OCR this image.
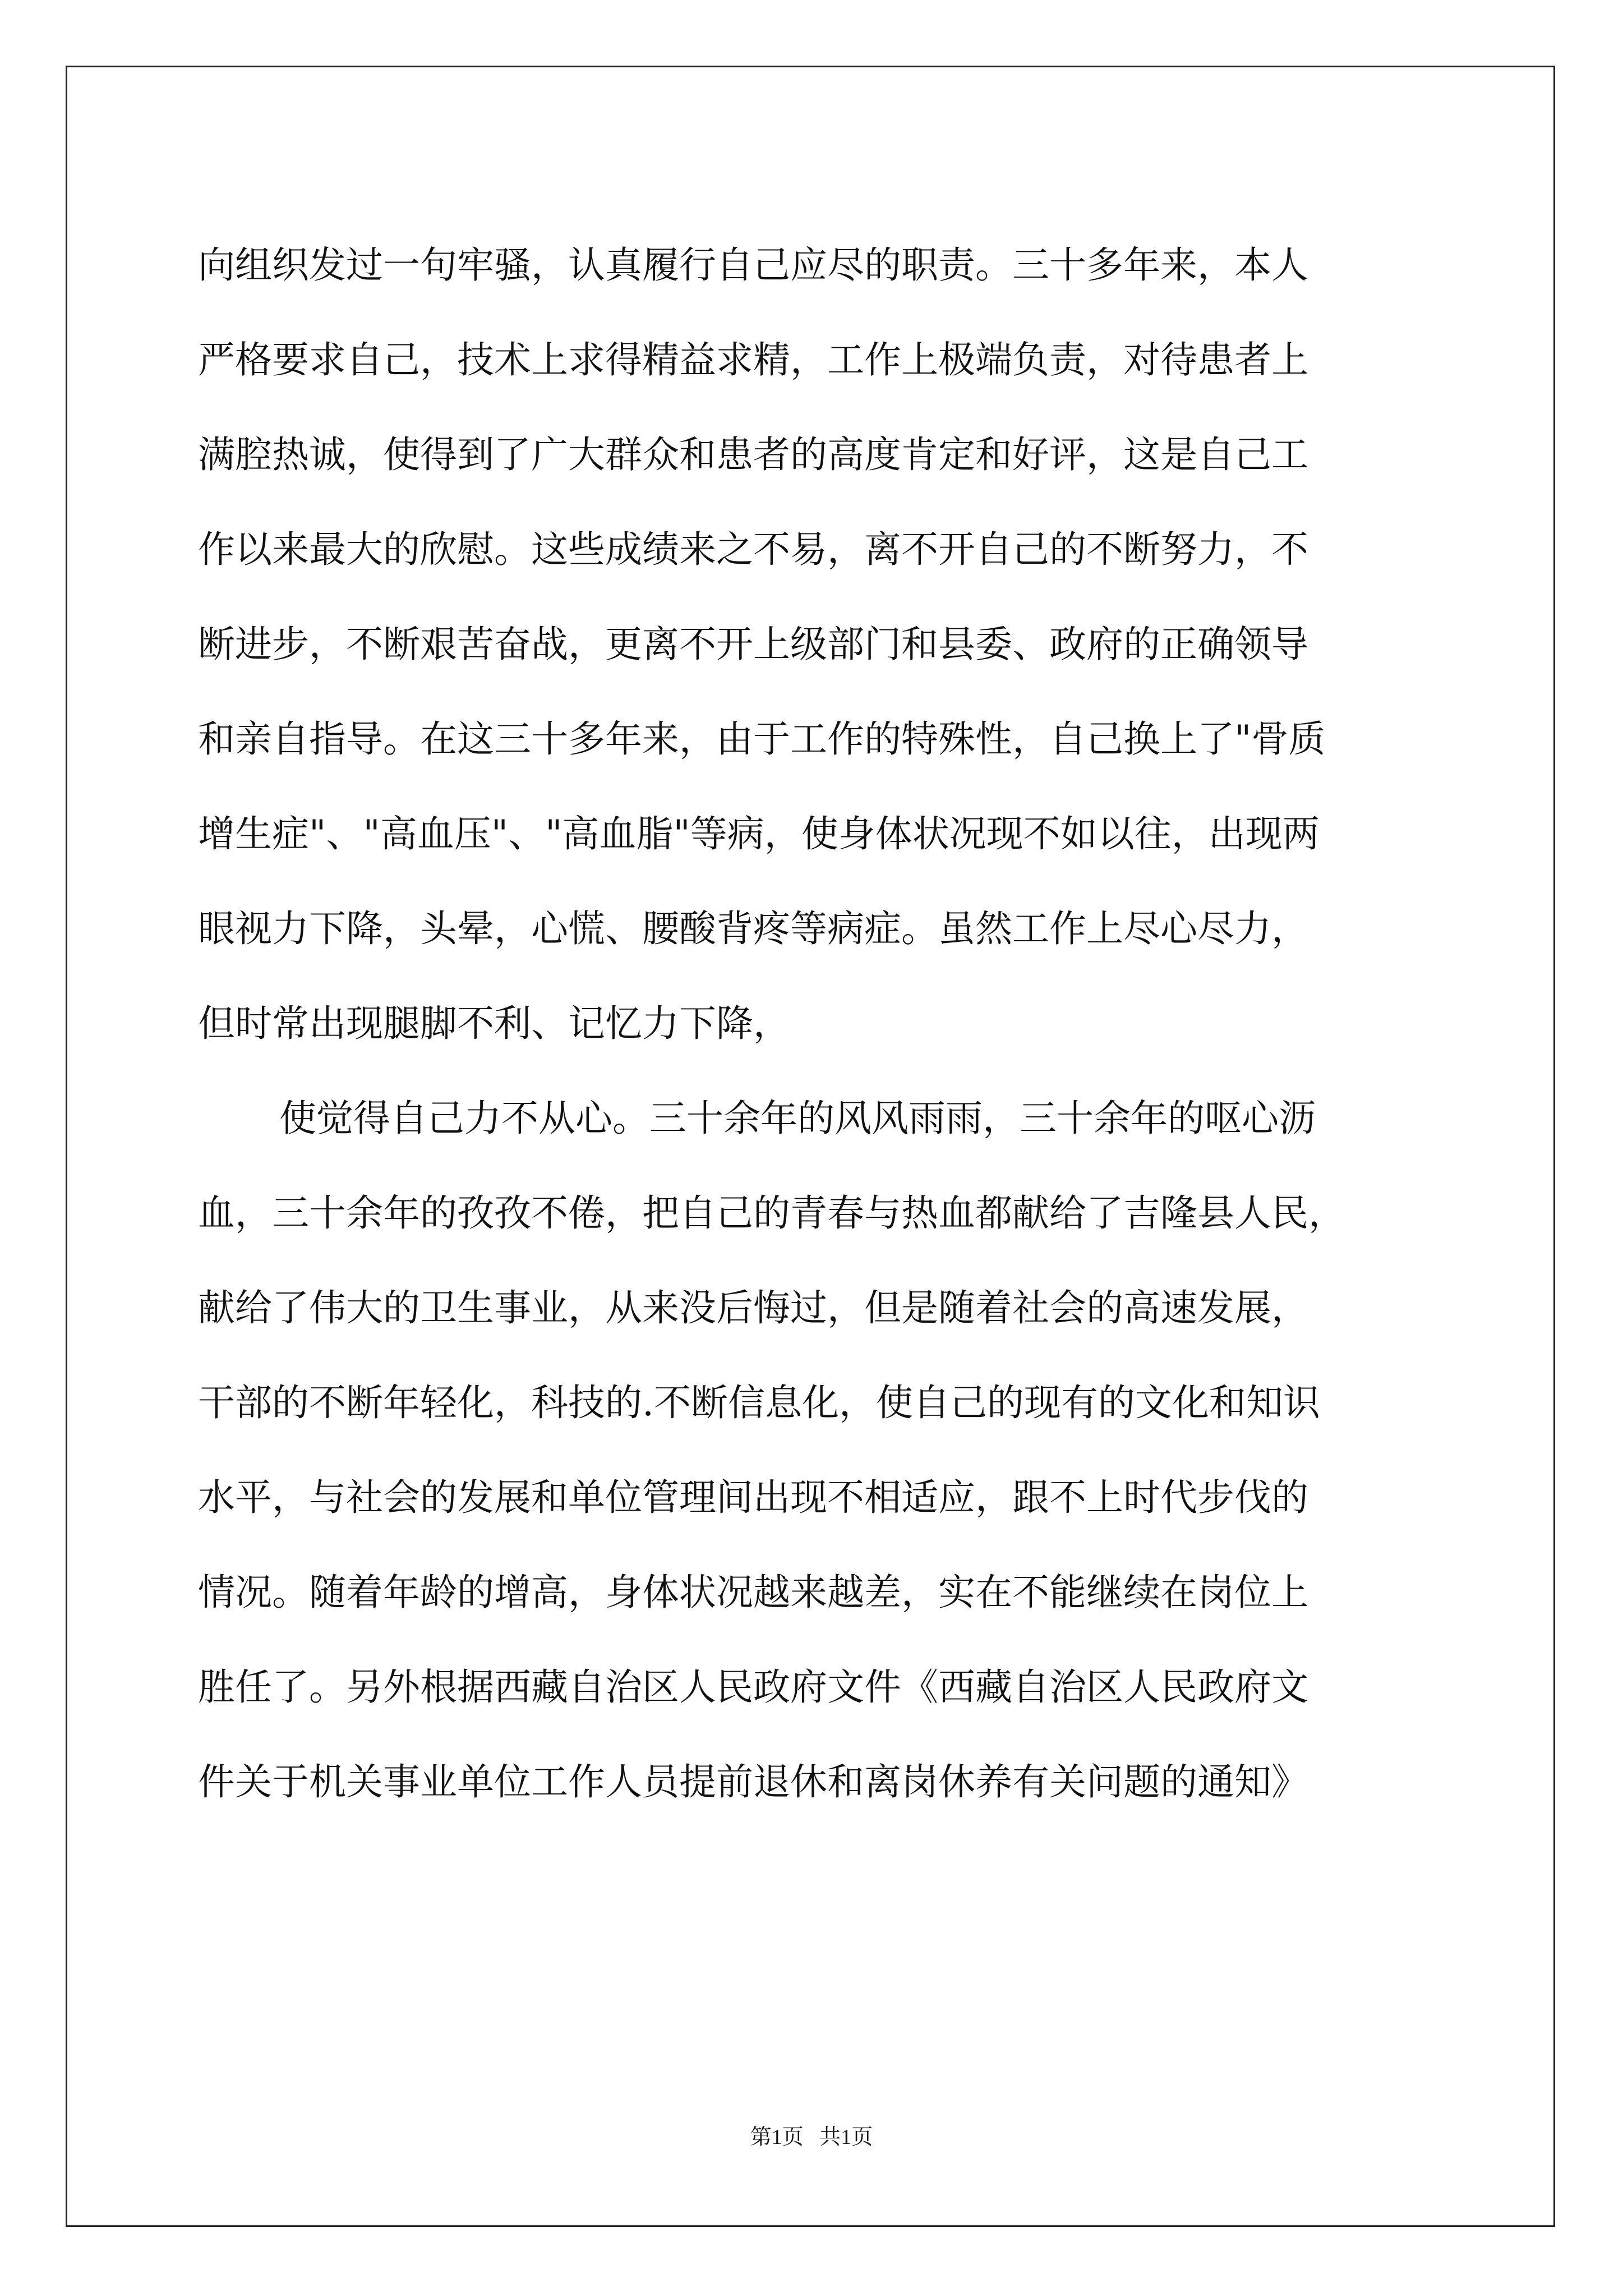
向组织发过一句牢骚，认真履行自己应尽的职责。三十多年来，本人
严格要求自己，技术上求得精益求精，工作上极端负责，对待患者上
满腔热诚，使得到了广大群众和患者的高度肯定和好评，这是自己工
作以来最大的欣慰。这些成绩来之不易，离不开自己的不断努力，不
断进步，不断艰苦奋战，更离不开上级部门和县委、政府的正确领导
和亲自指导。在这三十多年来，由于工作的特殊性，自己换上了"骨质
增生症"、"高血压"、"高血脂"等病，使身体状况现不如以往，出现两
眼视力下降，头晕，心慌、腰酸背疼等病症。虽然工作上尽心尽力，
但时常出现腿脚不利、记忆力下降，
使觉得自己力不从心。三十余年的风风雨雨，三十余年的呕心沥
血，三十余年的孜孜不倦，把自己的青春与热血都献给了吉隆县人民，
献给了伟大的卫生事业，从来没后悔过，但是随着社会的高速发展，
干部的不断年轻化，科技的.不断信息化，使自己的现有的文化和知识
水平，与社会的发展和单位管理间出现不相适应，跟不上时代步伐的
情况。随着年龄的增高，身体状况越来越差，实在不能继续在岗位上
胜任了。另外根据西藏自治区人民政府文件《西藏自治区人民政府文
件关于机关事业单位工作人员提前退休和离岗休养有关问题的通知》
第1页   共1页
